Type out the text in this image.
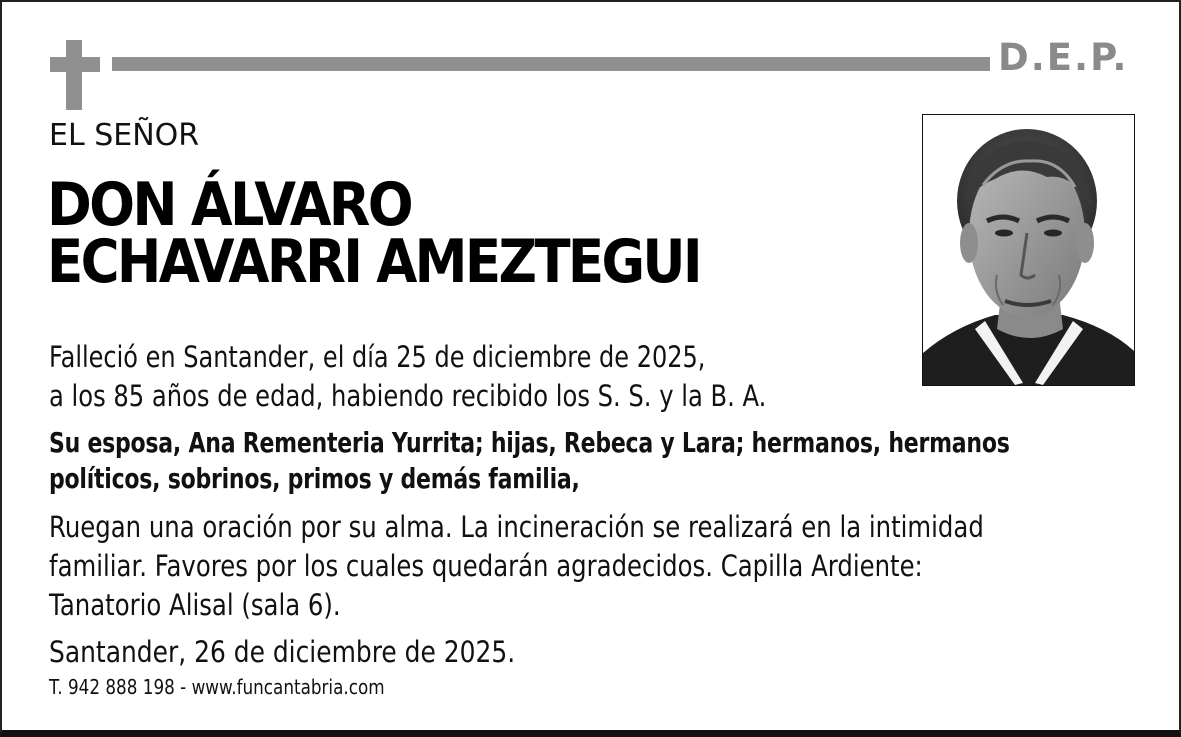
D.E.P.
EL SEÑOR
DON ÁLVARO
ECHAVARRI AMEZTEGUI
Falleció en Santander, el día 25 de diciembre de 2025,
a los 85 años de edad, habiendo recibido los S. S. y la B. A.
Su esposa, Ana Rementeria Yurrita; hijas, Rebeca y Lara; hermanos, hermanos
políticos, sobrinos, primos y demás familia,
Ruegan una oración por su alma. La incineración se realizará en la intimidad
familiar. Favores por los cuales quedarán agradecidos. Capilla Ardiente:
Tanatorio Alisal (sala 6).
Santander, 26 de diciembre de 2025.
T. 942 888 198 - www.funcantabria.com
